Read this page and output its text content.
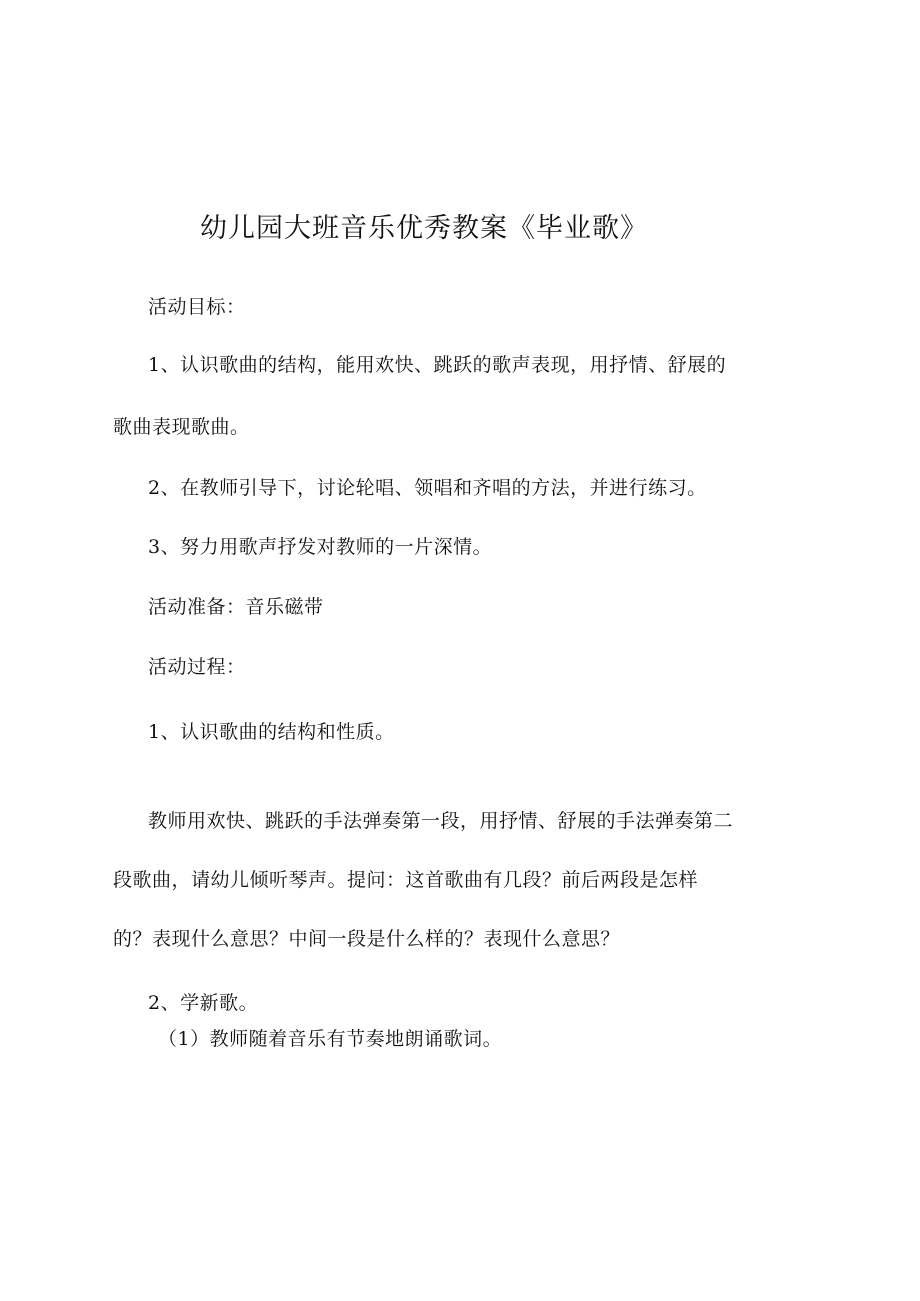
幼儿园大班音乐优秀教案《毕业歌》
活动目标：
1、认识歌曲的结构，能用欢快、跳跃的歌声表现，用抒情、舒展的
歌曲表现歌曲。
2、在教师引导下，讨论轮唱、领唱和齐唱的方法，并进行练习。
3、努力用歌声抒发对教师的一片深情。
活动准备：音乐磁带
活动过程：
1、认识歌曲的结构和性质。
教师用欢快、跳跃的手法弹奏第一段，用抒情、舒展的手法弹奏第二
段歌曲，请幼儿倾听琴声。提问：这首歌曲有几段？前后两段是怎样
的？表现什么意思？中间一段是什么样的？表现什么意思？
2、学新歌。
（1）教师随着音乐有节奏地朗诵歌词。
